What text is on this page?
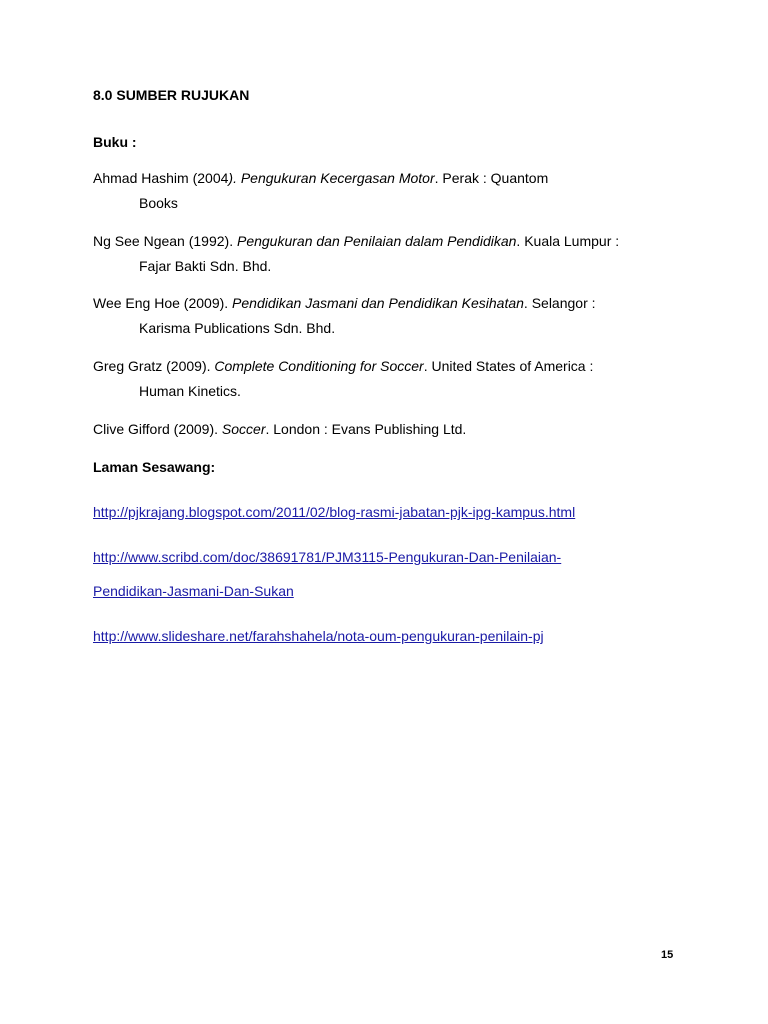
8.0 SUMBER RUJUKAN
Buku :
Ahmad Hashim (2004). Pengukuran Kecergasan Motor. Perak : Quantom
Books
Ng See Ngean (1992). Pengukuran dan Penilaian dalam Pendidikan. Kuala Lumpur :
Fajar Bakti Sdn. Bhd.
Wee Eng Hoe (2009). Pendidikan Jasmani dan Pendidikan Kesihatan. Selangor :
Karisma Publications Sdn. Bhd.
Greg Gratz (2009). Complete Conditioning for Soccer. United States of America :
Human Kinetics.
Clive Gifford (2009). Soccer. London : Evans Publishing Ltd.
Laman Sesawang:
http://pjkrajang.blogspot.com/2011/02/blog-rasmi-jabatan-pjk-ipg-kampus.html
http://www.scribd.com/doc/38691781/PJM3115-Pengukuran-Dan-Penilaian-
Pendidikan-Jasmani-Dan-Sukan
http://www.slideshare.net/farahshahela/nota-oum-pengukuran-penilain-pj
15
